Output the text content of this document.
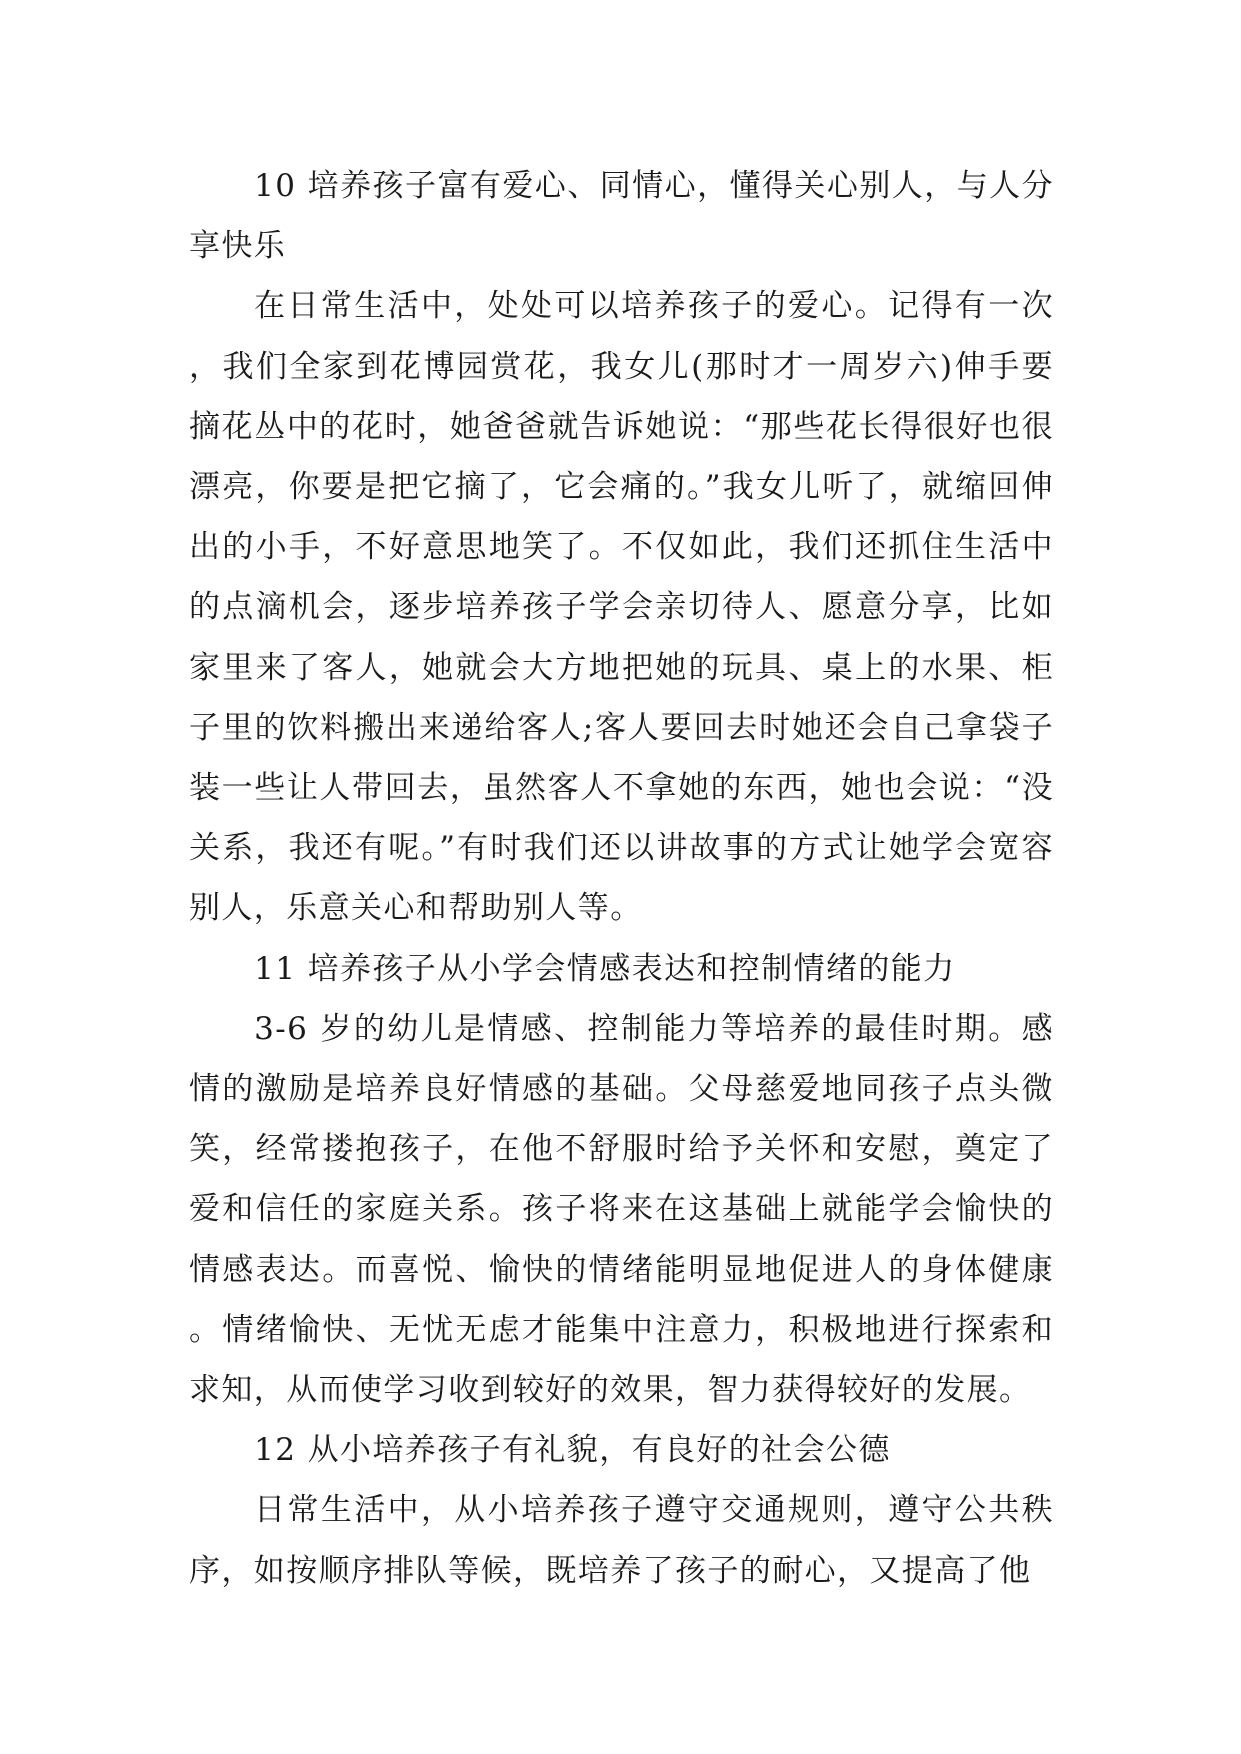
10 培养孩子富有爱心、同情心，懂得关心别人，与人分享快乐

在日常生活中，处处可以培养孩子的爱心。记得有一次，我们全家到花博园赏花，我女儿(那时才一周岁六)伸手要摘花丛中的花时，她爸爸就告诉她说：“那些花长得很好也很漂亮，你要是把它摘了，它会痛的。”我女儿听了，就缩回伸出的小手，不好意思地笑了。不仅如此，我们还抓住生活中的点滴机会，逐步培养孩子学会亲切待人、愿意分享，比如家里来了客人，她就会大方地把她的玩具、桌上的水果、柜子里的饮料搬出来递给客人;客人要回去时她还会自己拿袋子装一些让人带回去，虽然客人不拿她的东西，她也会说：“没关系，我还有呢。”有时我们还以讲故事的方式让她学会宽容别人，乐意关心和帮助别人等。

11 培养孩子从小学会情感表达和控制情绪的能力

3-6 岁的幼儿是情感、控制能力等培养的最佳时期。感情的激励是培养良好情感的基础。父母慈爱地同孩子点头微笑，经常搂抱孩子，在他不舒服时给予关怀和安慰，奠定了爱和信任的家庭关系。孩子将来在这基础上就能学会愉快的情感表达。而喜悦、愉快的情绪能明显地促进人的身体健康。情绪愉快、无忧无虑才能集中注意力，积极地进行探索和求知，从而使学习收到较好的效果，智力获得较好的发展。

12 从小培养孩子有礼貌，有良好的社会公德

日常生活中，从小培养孩子遵守交通规则，遵守公共秩序，如按顺序排队等候，既培养了孩子的耐心，又提高了他
